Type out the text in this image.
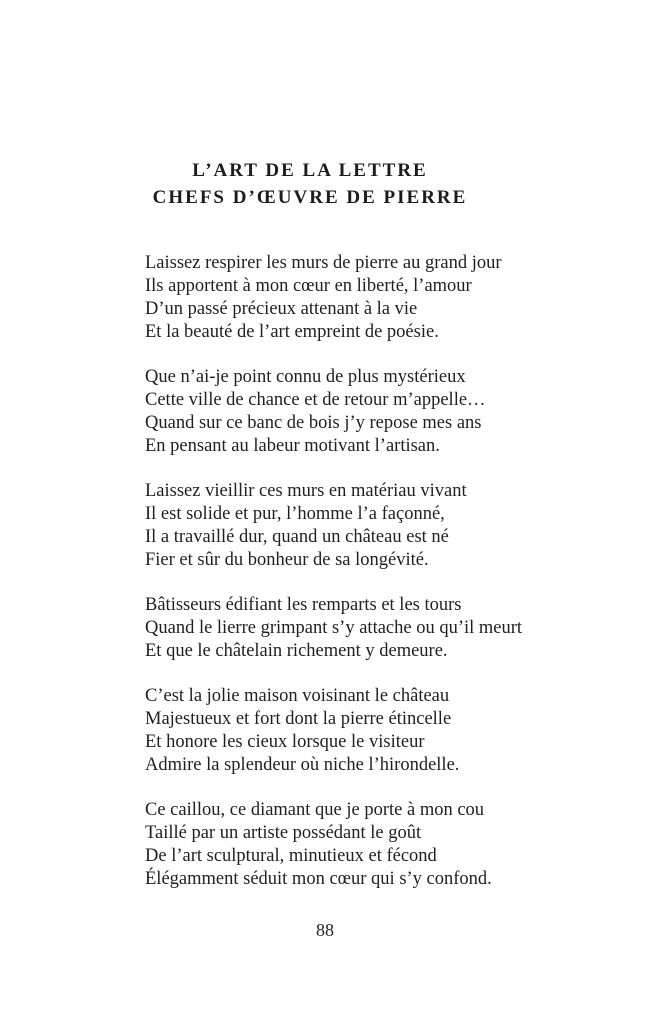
L’ART DE LA LETTRE
CHEFS D’ŒUVRE DE PIERRE
Laissez respirer les murs de pierre au grand jour
Ils apportent à mon cœur en liberté, l’amour
D’un passé précieux attenant à la vie
Et la beauté de l’art empreint de poésie.
Que n’ai-je point connu de plus mystérieux
Cette ville de chance et de retour m’appelle…
Quand sur ce banc de bois j’y repose mes ans
En pensant au labeur motivant l’artisan.
Laissez vieillir ces murs en matériau vivant
Il est solide et pur, l’homme l’a façonné,
Il a travaillé dur, quand un château est né
Fier et sûr du bonheur de sa longévité.
Bâtisseurs édifiant les remparts et les tours
Quand le lierre grimpant s’y attache ou qu’il meurt
Et que le châtelain richement y demeure.
C’est la jolie maison voisinant le château
Majestueux et fort dont la pierre étincelle
Et honore les cieux lorsque le visiteur
Admire la splendeur où niche l’hirondelle.
Ce caillou, ce diamant que je porte à mon cou
Taillé par un artiste possédant le goût
De l’art sculptural, minutieux et fécond
Élégamment séduit mon cœur qui s’y confond.
88
